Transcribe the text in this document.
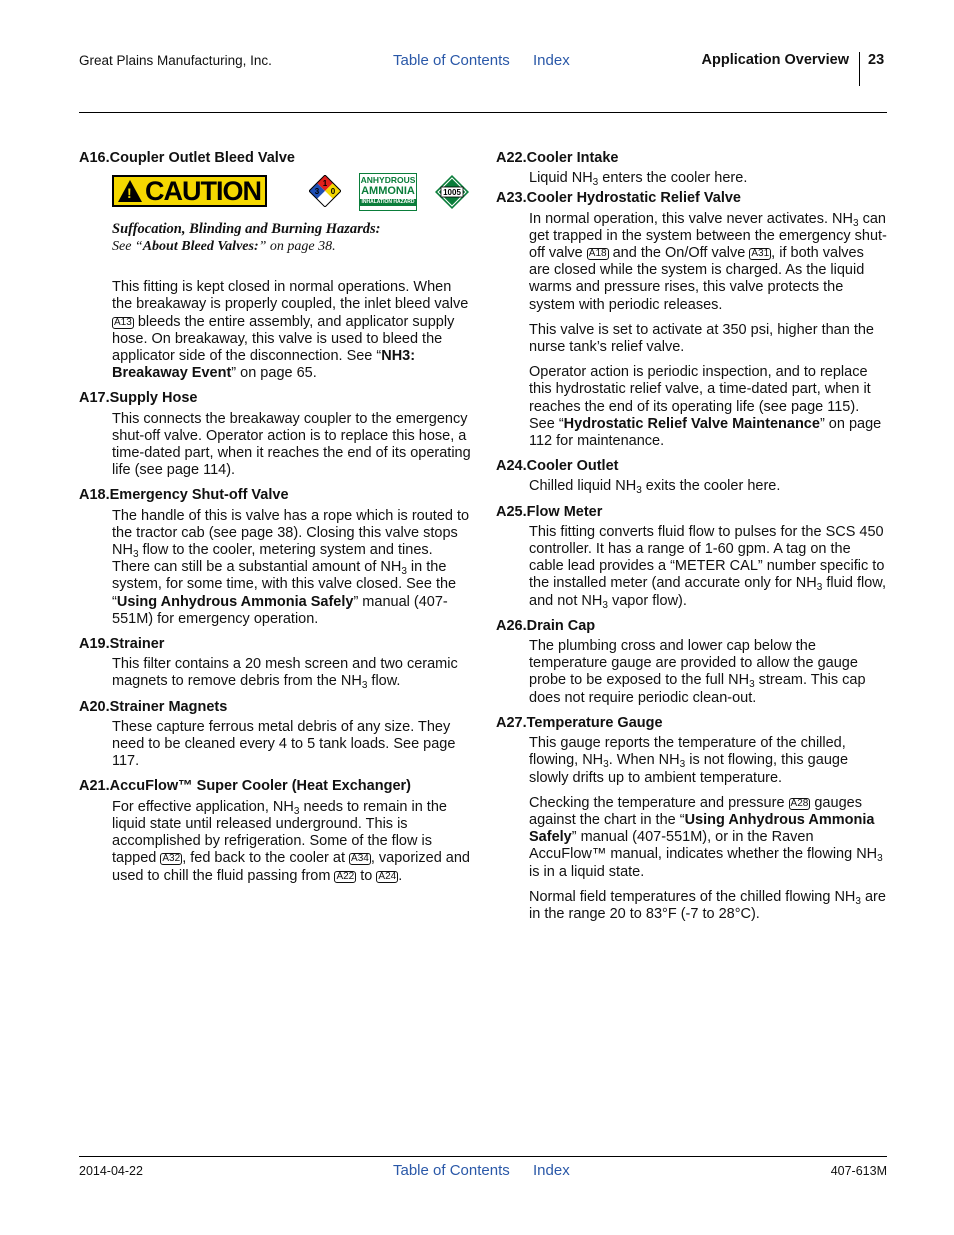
Great Plains Manufacturing, Inc.	Table of Contents Index	Application Overview 23
A16.Coupler Outlet Bleed Valve
!
CAUTION	1
3 0
ANHYDROUS
AMMONIA
INHALATION HAZARD
1005
Suffocation, Blinding and Burning Hazards:
See “About Bleed Valves:” on page 38.

This fitting is kept closed in normal operations. When the breakaway is properly coupled, the inlet bleed valve A13 bleeds the entire assembly, and applicator supply hose. On breakaway, this valve is used to bleed the applicator side of the disconnection. See “NH3: Breakaway Event” on page 65.

A17.Supply Hose

This connects the breakaway coupler to the emergency shut-off valve. Operator action is to replace this hose, a time-dated part, when it reaches the end of its operating life (see page 114).

A18.Emergency Shut-off Valve

The handle of this is valve has a rope which is routed to the tractor cab (see page 38). Closing this valve stops $NH_3$ flow to the cooler, metering system and tines. There can still be a substantial amount of $NH_3$ in the system, for some time, with this valve closed. See the “Using Anhydrous Ammonia Safely” manual (407-551M) for emergency operation.

A19.Strainer

This filter contains a 20 mesh screen and two ceramic magnets to remove debris from the $NH_3$ flow.

A20.Strainer Magnets

These capture ferrous metal debris of any size. They need to be cleaned every 4 to 5 tank loads. See page 117.

A21.AccuFlow™ Super Cooler (Heat Exchanger)

For effective application, $NH_3$ needs to remain in the liquid state until released underground. This is accomplished by refrigeration. Some of the flow is tapped A32 , fed back to the cooler at A34 , vaporized and used to chill the fluid passing from A22 to A24 .

A22.Cooler Intake

Liquid $NH_3$ enters the cooler here.

A23.Cooler Hydrostatic Relief Valve

In normal operation, this valve never activates. $NH_3$ can get trapped in the system between the emergency shut-off valve A18 and the On/Off valve A31 , if both valves are closed while the system is charged. As the liquid warms and pressure rises, this valve protects the system with periodic releases.

This valve is set to activate at 350 psi, higher than the nurse tank’s relief valve.

Operator action is periodic inspection, and to replace this hydrostatic relief valve, a time-dated part, when it reaches the end of its operating life (see page 115). See “Hydrostatic Relief Valve Maintenance” on page 112 for maintenance.

A24.Cooler Outlet

Chilled liquid $NH_3$ exits the cooler here.

A25.Flow Meter

This fitting converts fluid flow to pulses for the SCS 450 controller. It has a range of 1-60 gpm. A tag on the cable lead provides a “METER CAL” number specific to the installed meter (and accurate only for $NH_3$ fluid flow, and not $NH_3$ vapor flow).

A26.Drain Cap

The plumbing cross and lower cap below the temperature gauge are provided to allow the gauge probe to be exposed to the full $NH_3$ stream. This cap does not require periodic clean-out.

A27.Temperature Gauge

This gauge reports the temperature of the chilled, flowing, $NH_3$. When $NH_3$ is not flowing, this gauge slowly drifts up to ambient temperature.

Checking the temperature and pressure A28 gauges against the chart in the “Using Anhydrous Ammonia Safely” manual (407-551M), or in the Raven AccuFlow™ manual, indicates whether the flowing $NH_3$ is in a liquid state.

Normal field temperatures of the chilled flowing $NH_3$ are in the range 20 to 83°F (-7 to 28°C).

2014-04-22	Table of Contents Index	407-613M
